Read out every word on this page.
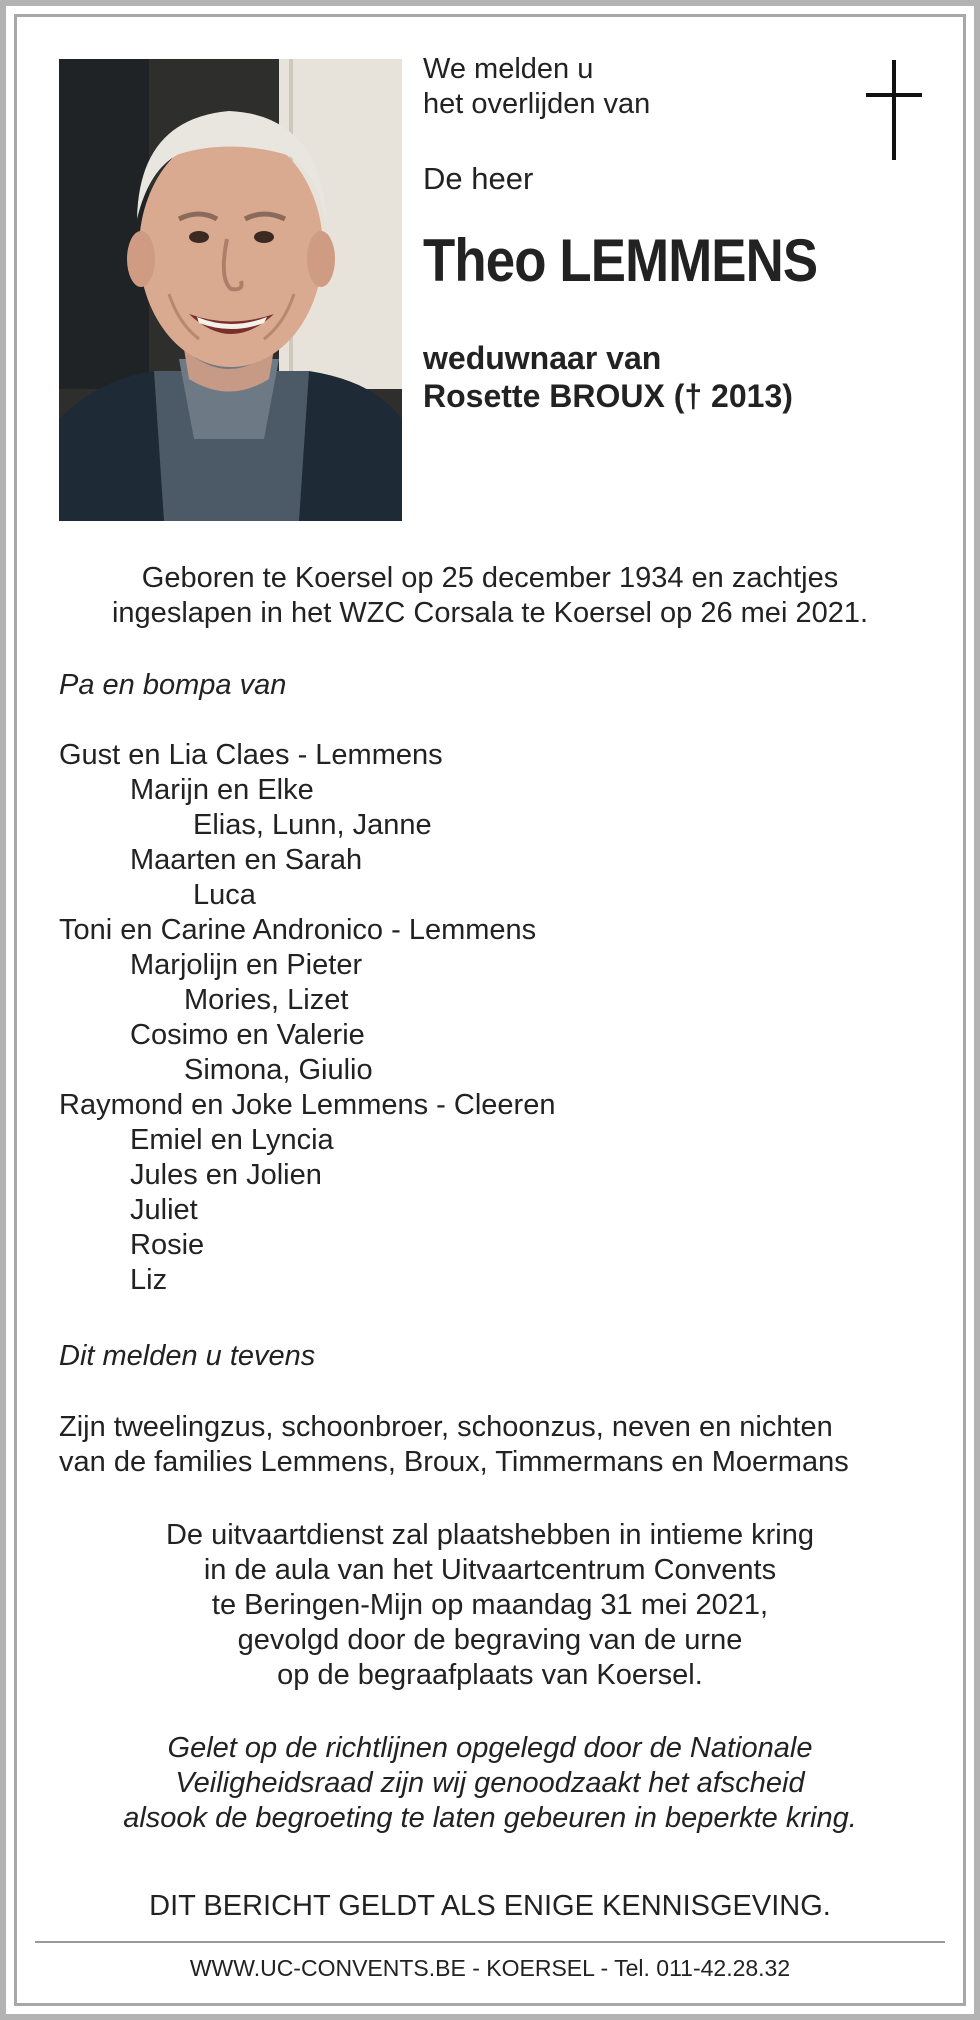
We melden u
het overlijden van
De heer
Theo LEMMENS
weduwnaar van
Rosette BROUX († 2013)
Geboren te Koersel op 25 december 1934 en zachtjes
ingeslapen in het WZC Corsala te Koersel op 26 mei 2021.
Pa en bompa van
Gust en Lia Claes - Lemmens
Marijn en Elke
Elias, Lunn, Janne
Maarten en Sarah
Luca
Toni en Carine Andronico - Lemmens
Marjolijn en Pieter
Mories, Lizet
Cosimo en Valerie
Simona, Giulio
Raymond en Joke Lemmens - Cleeren
Emiel en Lyncia
Jules en Jolien
Juliet
Rosie
Liz
Dit melden u tevens
Zijn tweelingzus, schoonbroer, schoonzus, neven en nichten
van de families Lemmens, Broux, Timmermans en Moermans
De uitvaartdienst zal plaatshebben in intieme kring
in de aula van het Uitvaartcentrum Convents
te Beringen-Mijn op maandag 31 mei 2021,
gevolgd door de begraving van de urne
op de begraafplaats van Koersel.
Gelet op de richtlijnen opgelegd door de Nationale
Veiligheidsraad zijn wij genoodzaakt het afscheid
alsook de begroeting te laten gebeuren in beperkte kring.
DIT BERICHT GELDT ALS ENIGE KENNISGEVING.
WWW.UC-CONVENTS.BE - KOERSEL - Tel. 011-42.28.32
